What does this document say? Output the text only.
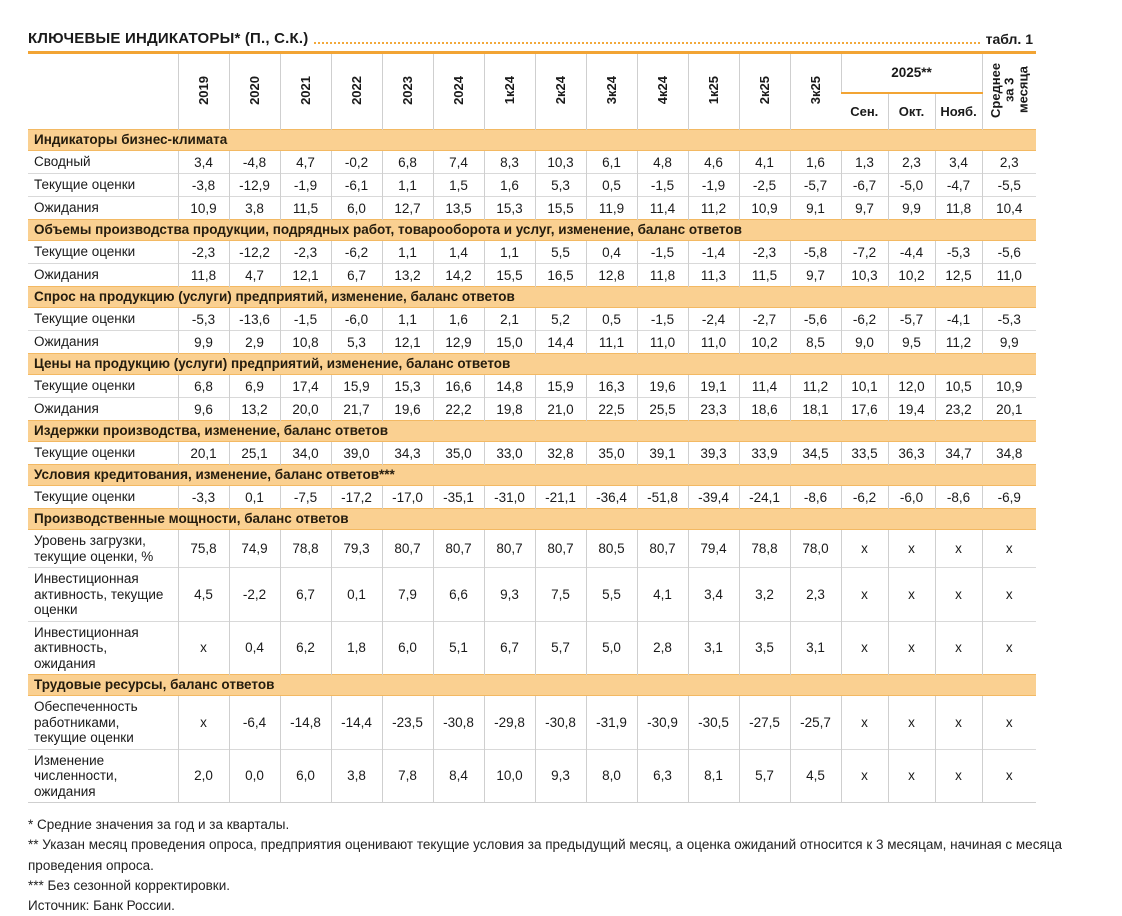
КЛЮЧЕВЫЕ ИНДИКАТОРЫ* (П., С.К.)	табл. 1
	2019	2020	2021	2022	2023	2024	1к24	2к24	3к24	4к24	1к25	2к25	3к25	2025**			Среднее за 3 месяца
														Сен.	Окт.	Нояб.	
Индикаторы бизнес-климата																	
Сводный	3,4	-4,8	4,7	-0,2	6,8	7,4	8,3	10,3	6,1	4,8	4,6	4,1	1,6	1,3	2,3	3,4	2,3
Текущие оценки	-3,8	-12,9	-1,9	-6,1	1,1	1,5	1,6	5,3	0,5	-1,5	-1,9	-2,5	-5,7	-6,7	-5,0	-4,7	-5,5
Ожидания	10,9	3,8	11,5	6,0	12,7	13,5	15,3	15,5	11,9	11,4	11,2	10,9	9,1	9,7	9,9	11,8	10,4
Объемы производства продукции, подрядных работ, товарооборота и услуг, изменение, баланс ответов																	
Текущие оценки	-2,3	-12,2	-2,3	-6,2	1,1	1,4	1,1	5,5	0,4	-1,5	-1,4	-2,3	-5,8	-7,2	-4,4	-5,3	-5,6
Ожидания	11,8	4,7	12,1	6,7	13,2	14,2	15,5	16,5	12,8	11,8	11,3	11,5	9,7	10,3	10,2	12,5	11,0
Спрос на продукцию (услуги) предприятий, изменение, баланс ответов																	
Текущие оценки	-5,3	-13,6	-1,5	-6,0	1,1	1,6	2,1	5,2	0,5	-1,5	-2,4	-2,7	-5,6	-6,2	-5,7	-4,1	-5,3
Ожидания	9,9	2,9	10,8	5,3	12,1	12,9	15,0	14,4	11,1	11,0	11,0	10,2	8,5	9,0	9,5	11,2	9,9
Цены на продукцию (услуги) предприятий, изменение, баланс ответов																	
Текущие оценки	6,8	6,9	17,4	15,9	15,3	16,6	14,8	15,9	16,3	19,6	19,1	11,4	11,2	10,1	12,0	10,5	10,9
Ожидания	9,6	13,2	20,0	21,7	19,6	22,2	19,8	21,0	22,5	25,5	23,3	18,6	18,1	17,6	19,4	23,2	20,1
Издержки производства, изменение, баланс ответов																	
Текущие оценки	20,1	25,1	34,0	39,0	34,3	35,0	33,0	32,8	35,0	39,1	39,3	33,9	34,5	33,5	36,3	34,7	34,8
Условия кредитования, изменение, баланс ответов***																	
Текущие оценки	-3,3	0,1	-7,5	-17,2	-17,0	-35,1	-31,0	-21,1	-36,4	-51,8	-39,4	-24,1	-8,6	-6,2	-6,0	-8,6	-6,9
Производственные мощности, баланс ответов																	
Уровень загрузки, текущие оценки, %	75,8	74,9	78,8	79,3	80,7	80,7	80,7	80,7	80,5	80,7	79,4	78,8	78,0	x	x	x	x
Инвестиционная активность, текущие оценки	4,5	-2,2	6,7	0,1	7,9	6,6	9,3	7,5	5,5	4,1	3,4	3,2	2,3	x	x	x	x
Инвестиционная активность, ожидания	x	0,4	6,2	1,8	6,0	5,1	6,7	5,7	5,0	2,8	3,1	3,5	3,1	x	x	x	x
Трудовые ресурсы, баланс ответов																	
Обеспеченность работниками, текущие оценки	x	-6,4	-14,8	-14,4	-23,5	-30,8	-29,8	-30,8	-31,9	-30,9	-30,5	-27,5	-25,7	x	x	x	x
Изменение численности, ожидания	2,0	0,0	6,0	3,8	7,8	8,4	10,0	9,3	8,0	6,3	8,1	5,7	4,5	x	x	x	x

* Средние значения за год и за кварталы.

** Указан месяц проведения опроса, предприятия оценивают текущие условия за предыдущий месяц, а оценка ожиданий относится к 3 месяцам, начиная с месяца проведения опроса.

*** Без сезонной корректировки.

Источник: Банк России.
